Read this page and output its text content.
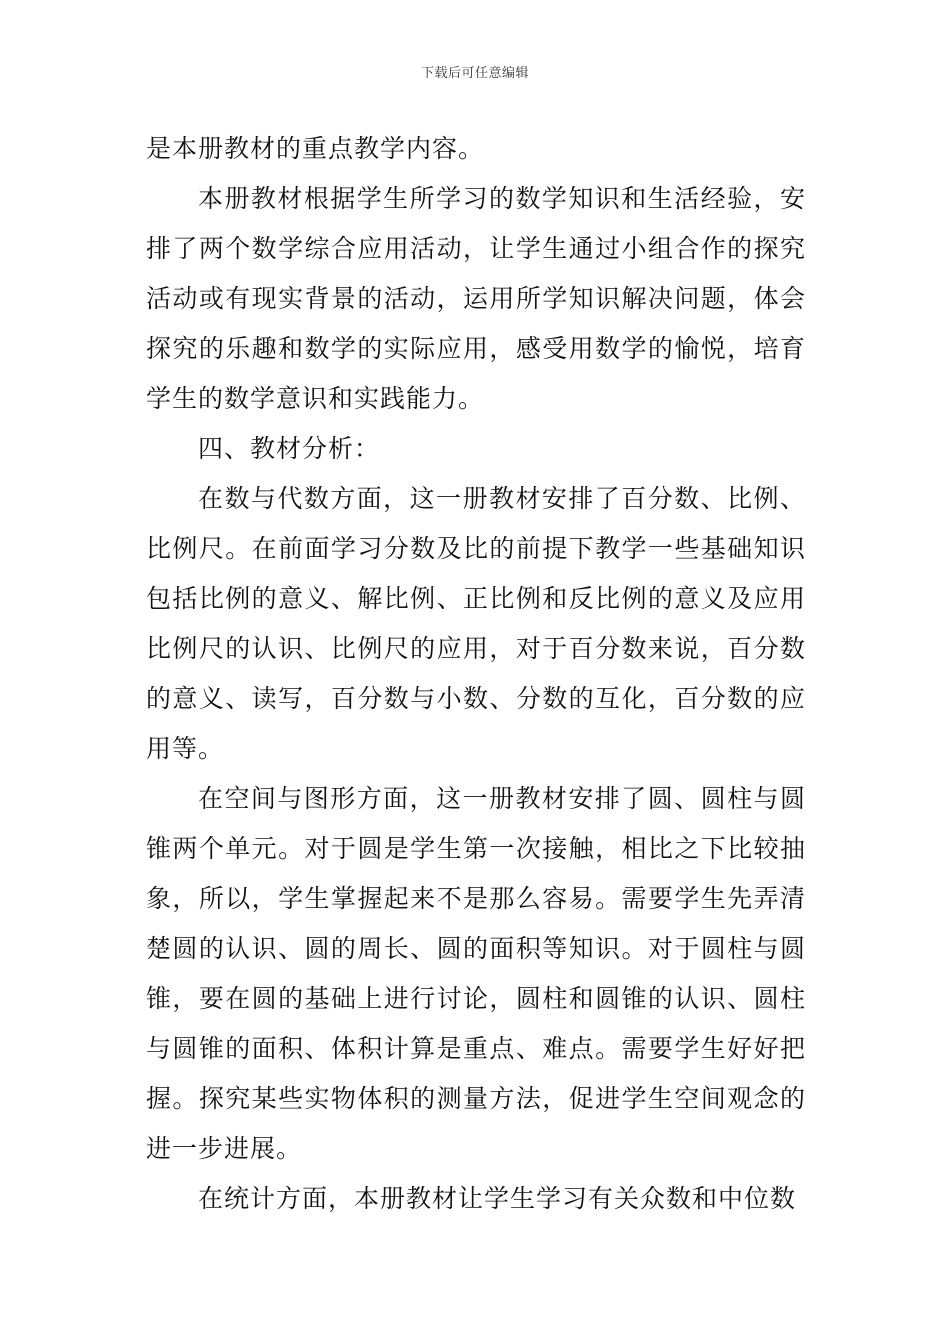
下载后可任意编辑

是本册教材的重点教学内容。

本册教材根据学生所学习的数学知识和生活经验，安排了两个数学综合应用活动，让学生通过小组合作的探究活动或有现实背景的活动，运用所学知识解决问题，体会探究的乐趣和数学的实际应用，感受用数学的愉悦，培育学生的数学意识和实践能力。

四、教材分析：

在数与代数方面，这一册教材安排了百分数、比例、比例尺。在前面学习分数及比的前提下教学一些基础知识包括比例的意义、解比例、正比例和反比例的意义及应用比例尺的认识、比例尺的应用，对于百分数来说，百分数的意义、读写，百分数与小数、分数的互化，百分数的应用等。

在空间与图形方面，这一册教材安排了圆、圆柱与圆锥两个单元。对于圆是学生第一次接触，相比之下比较抽象，所以，学生掌握起来不是那么容易。需要学生先弄清楚圆的认识、圆的周长、圆的面积等知识。对于圆柱与圆锥，要在圆的基础上进行讨论，圆柱和圆锥的认识、圆柱与圆锥的面积、体积计算是重点、难点。需要学生好好把握。探究某些实物体积的测量方法，促进学生空间观念的进一步进展。

在统计方面，本册教材让学生学习有关众数和中位数
